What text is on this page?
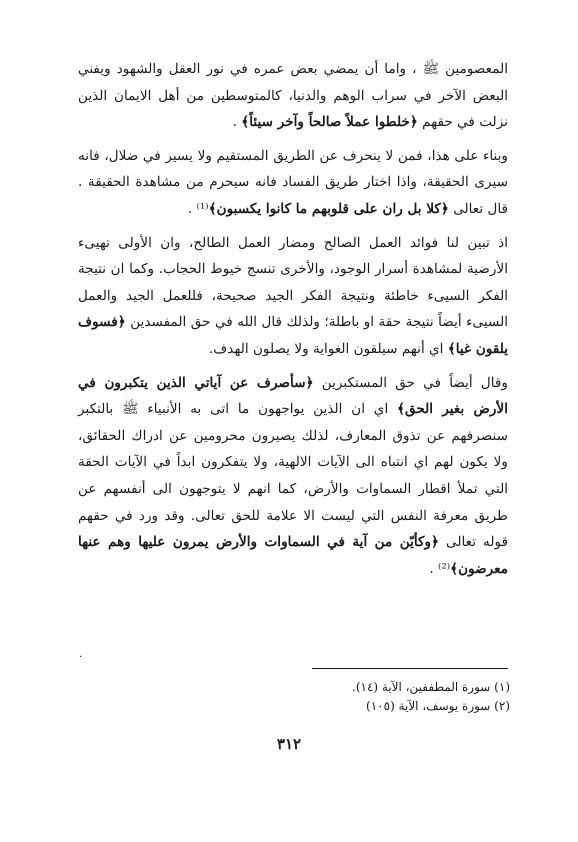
المعصومين ﷺ ، واما أن يمضي بعض عمره في نور العقل والشهود ويفني البعض الآخر في سراب الوهم والدنيا، كالمتوسطين من أهل الايمان الذين نزلت في حقهم ﴿خلطوا عملاً صالحاً وآخر سيئاً﴾ .

وبناء على هذا، فمن لا ينحرف عن الطريق المستقيم ولا يسير في ضلال، فانه سيرى الحقيقة، واذا اختار طريق الفساد فانه سيحرم من مشاهدة الحقيقة . قال تعالى ﴿كلا بل ران على قلوبهم ما كانوا يكسبون﴾⁽¹⁾ .

اذ تبين لنا فوائد العمل الصالح ومضار العمل الطالح، وان الأولى تهيىء الأرضية لمشاهدة أسرار الوجود، والأخرى تنسج خيوط الحجاب. وكما ان نتيجة الفكر السيىء خاطئة ونتيجة الفكر الجيد صحيحة، فللعمل الجيد والعمل السيىء أيضاً نتيجة حقة او باطلة؛ ولذلك قال الله في حق المفسدين ﴿فسوف يلقون غيا﴾ اي أنهم سيلقون الغواية ولا يصلون الهدف.

وقال أيضاً في حق المستكبرين ﴿سأصرف عن آياتي الذين يتكبرون في الأرض بغير الحق﴾ اي ان الذين يواجهون ما اتى به الأنبياء ﷺ بالتكبر سنصرفهم عن تذوق المعارف، لذلك يصيرون محرومين عن ادراك الحقائق، ولا يكون لهم اي انتباه الى الآيات الالهية، ولا يتفكرون ابداً في الآيات الحقة التي تملأ اقطار السماوات والأرض، كما انهم لا يتوجهون الى أنفسهم عن طريق معرفة النفس التي ليست الا علامة للحق تعالى. وقد ورد في حقهم قوله تعالى ﴿وكأيّن من آية في السماوات والأرض يمرون عليها وهم عنها معرضون﴾⁽²⁾ .

.

(١) سورة المطففين، الآية (١٤).

(٢) سورة يوسف، الآية (١٠٥)

٣١٢
